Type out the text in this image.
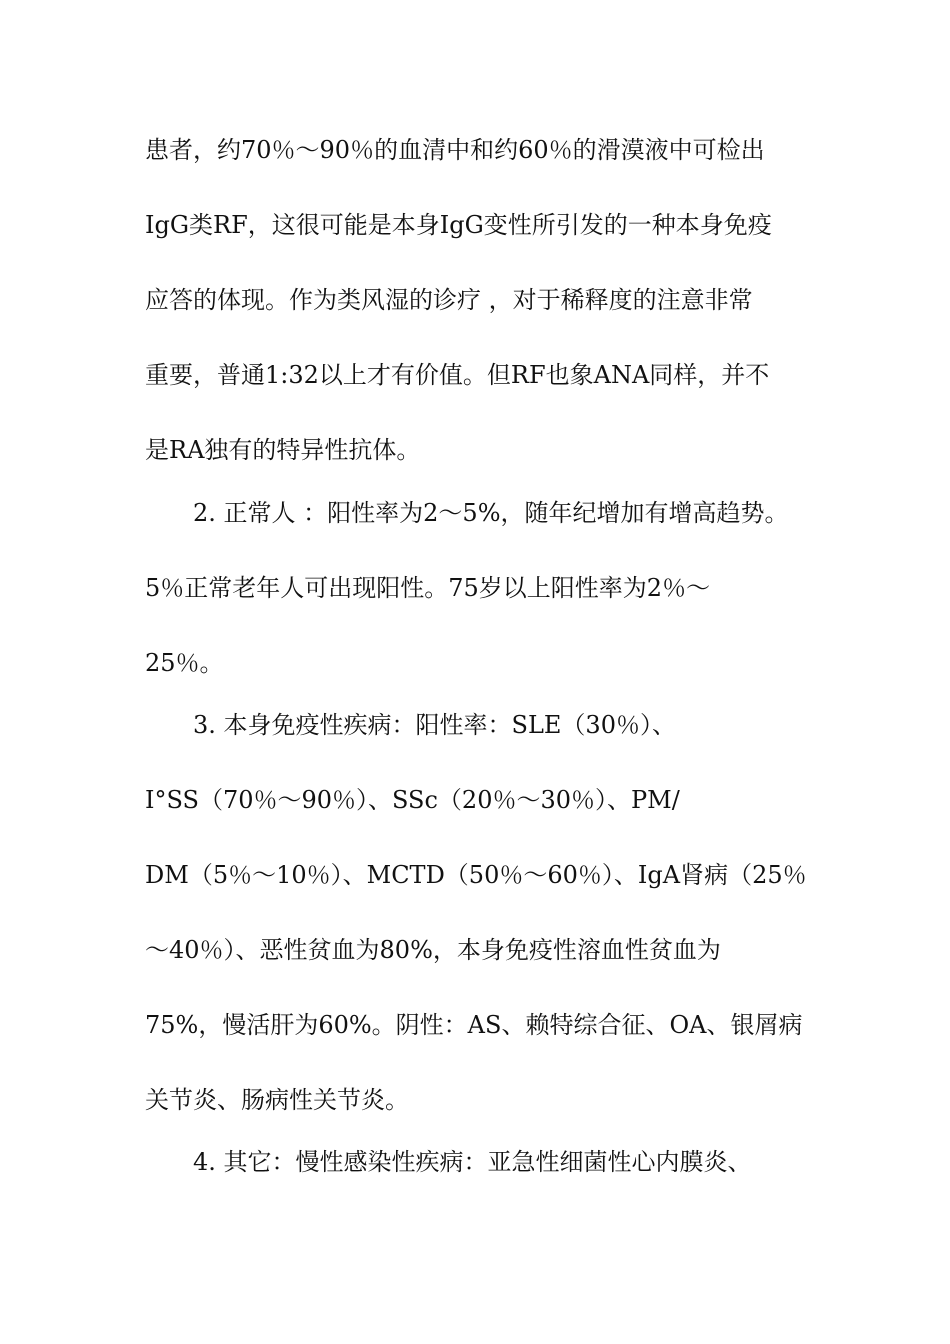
患者，约70％～90％的血清中和约60％的滑漠液中可检出
IgG类RF，这很可能是本身IgG变性所引发的一种本身免疫
应答的体现。作为类风湿的诊疗 ，对于稀释度的注意非常
重要，普通1:32以上才有价值。但RF也象ANA同样，并不
是RA独有的特异性抗体。
2. 正常人 ：阳性率为2～5%，随年纪增加有增高趋势。
5％正常老年人可出现阳性。75岁以上阳性率为2％～
25％。
3. 本身免疫性疾病：阳性率：SLE（30％）、
Ⅰ°SS（70％～90％）、SSc（20％～30％）、PM/
DM（5％～10％）、MCTD（50％～60％）、IgA肾病（25％
～40％）、恶性贫血为80%，本身免疫性溶血性贫血为
75%，慢活肝为60%。阴性：AS、赖特综合征、OA、银屑病
关节炎、肠病性关节炎。
4. 其它：慢性感染性疾病：亚急性细菌性心内膜炎、
